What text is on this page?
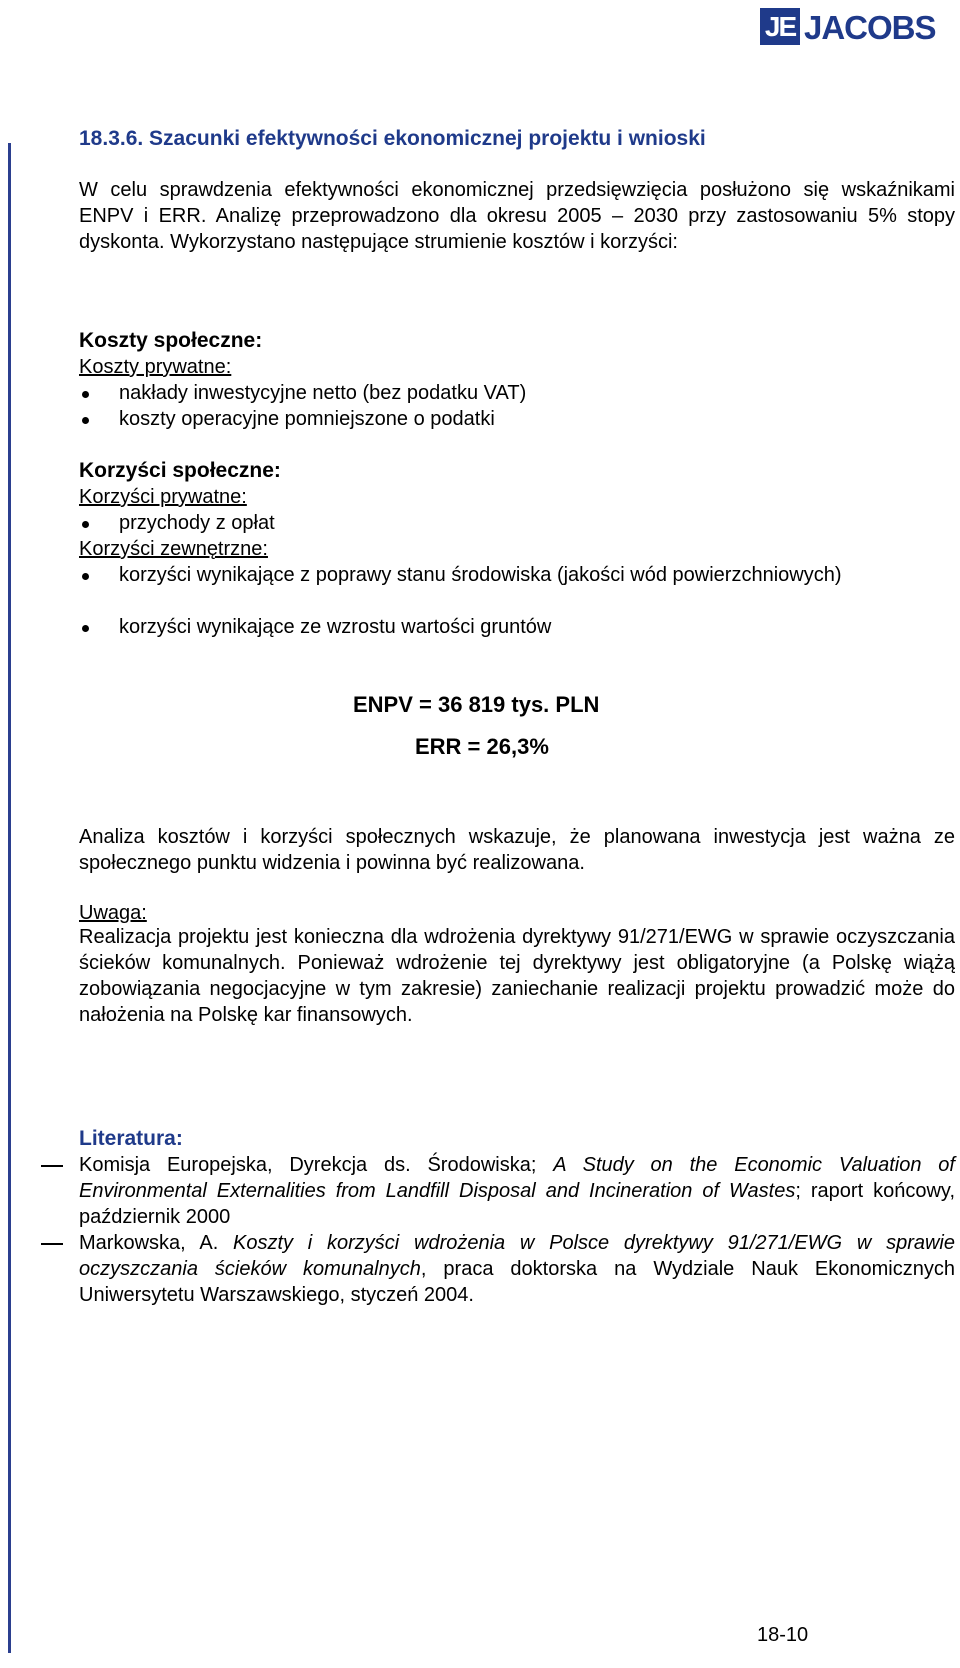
JE JACOBS
18.3.6. Szacunki efektywności ekonomicznej projektu i wnioski
W celu sprawdzenia efektywności ekonomicznej przedsięwzięcia posłużono się wskaźnikami ENPV i ERR. Analizę przeprowadzono dla okresu 2005 – 2030 przy zastosowaniu 5% stopy dyskonta. Wykorzystano następujące strumienie kosztów i korzyści:
Koszty społeczne:
Koszty prywatne:
nakłady inwestycyjne netto (bez podatku VAT)
koszty operacyjne pomniejszone o podatki
Korzyści społeczne:
Korzyści prywatne:
przychody z opłat
Korzyści zewnętrzne:
korzyści wynikające z poprawy stanu środowiska (jakości wód powierzchniowych)
korzyści wynikające ze wzrostu wartości gruntów
ENPV = 36 819 tys. PLN
ERR = 26,3%
Analiza kosztów i korzyści społecznych wskazuje, że planowana inwestycja jest ważna ze społecznego punktu widzenia i powinna być realizowana.
Uwaga:
Realizacja projektu jest konieczna dla wdrożenia dyrektywy 91/271/EWG w sprawie oczyszczania ścieków komunalnych. Ponieważ wdrożenie tej dyrektywy jest obligatoryjne (a Polskę wiążą zobowiązania negocjacyjne w tym zakresie) zaniechanie realizacji projektu prowadzić może do nałożenia na Polskę kar finansowych.
Literatura:
Komisja Europejska, Dyrekcja ds. Środowiska; A Study on the Economic Valuation of Environmental Externalities from Landfill Disposal and Incineration of Wastes; raport końcowy, październik 2000
Markowska, A. Koszty i korzyści wdrożenia w Polsce dyrektywy 91/271/EWG w sprawie oczyszczania ścieków komunalnych, praca doktorska na Wydziale Nauk Ekonomicznych Uniwersytetu Warszawskiego, styczeń 2004.
18-10
